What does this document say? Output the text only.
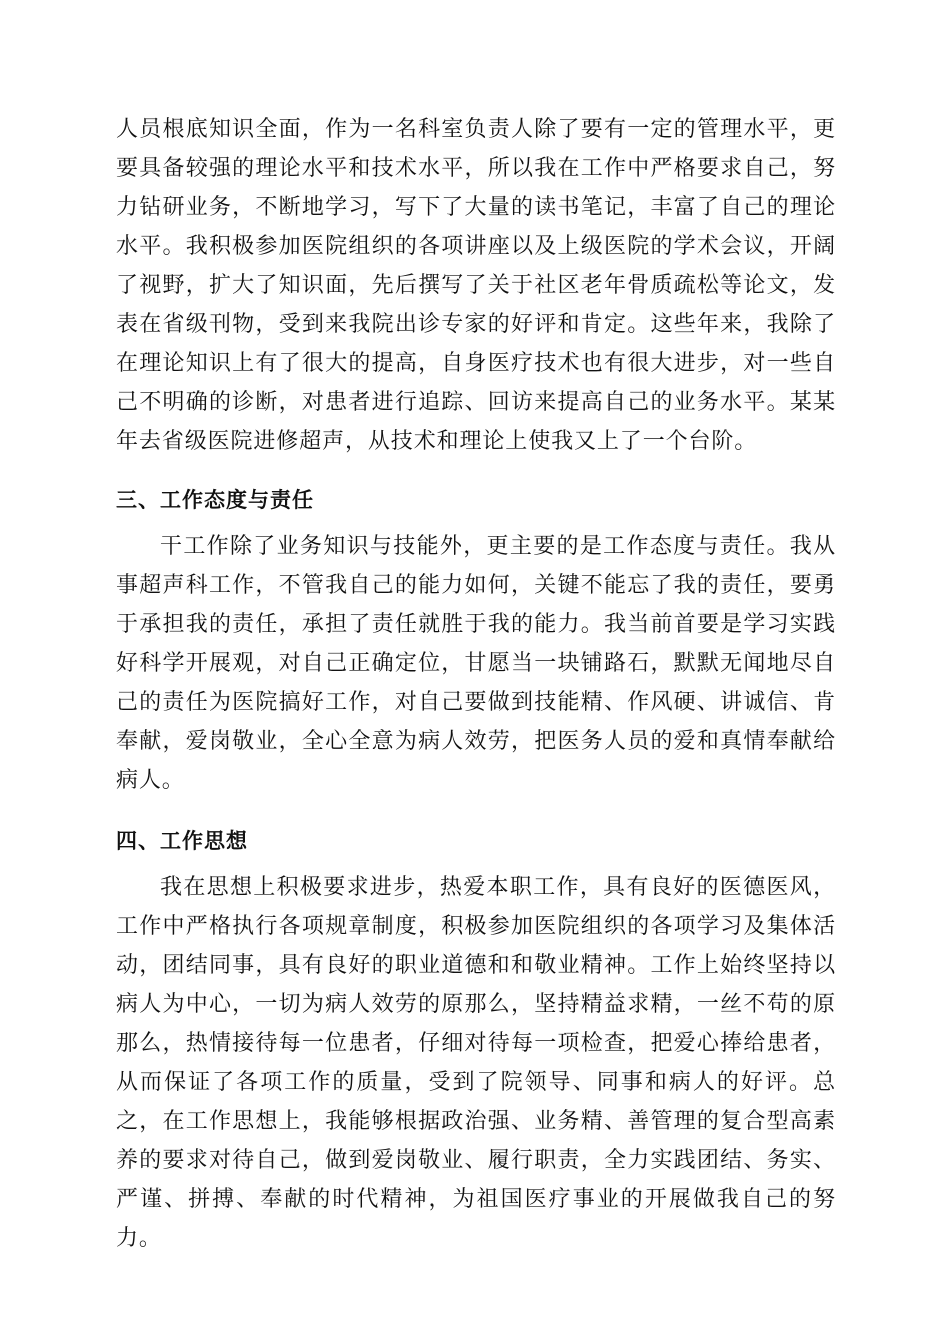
人员根底知识全面，作为一名科室负责人除了要有一定的管理水平，更要具备较强的理论水平和技术水平，所以我在工作中严格要求自己，努力钻研业务，不断地学习，写下了大量的读书笔记，丰富了自己的理论水平。我积极参加医院组织的各项讲座以及上级医院的学术会议，开阔了视野，扩大了知识面，先后撰写了关于社区老年骨质疏松等论文，发表在省级刊物，受到来我院出诊专家的好评和肯定。这些年来，我除了在理论知识上有了很大的提高，自身医疗技术也有很大进步，对一些自己不明确的诊断，对患者进行追踪、回访来提高自己的业务水平。某某年去省级医院进修超声，从技术和理论上使我又上了一个台阶。

三、工作态度与责任

干工作除了业务知识与技能外，更主要的是工作态度与责任。我从事超声科工作，不管我自己的能力如何，关键不能忘了我的责任，要勇于承担我的责任，承担了责任就胜于我的能力。我当前首要是学习实践好科学开展观，对自己正确定位，甘愿当一块铺路石，默默无闻地尽自己的责任为医院搞好工作，对自己要做到技能精、作风硬、讲诚信、肯奉献，爱岗敬业，全心全意为病人效劳，把医务人员的爱和真情奉献给病人。

四、工作思想

我在思想上积极要求进步，热爱本职工作，具有良好的医德医风，工作中严格执行各项规章制度，积极参加医院组织的各项学习及集体活动，团结同事，具有良好的职业道德和和敬业精神。工作上始终坚持以病人为中心，一切为病人效劳的原那么，坚持精益求精，一丝不苟的原那么，热情接待每一位患者，仔细对待每一项检查，把爱心捧给患者，从而保证了各项工作的质量，受到了院领导、同事和病人的好评。总之，在工作思想上，我能够根据政治强、业务精、善管理的复合型高素养的要求对待自己，做到爱岗敬业、履行职责，全力实践团结、务实、严谨、拼搏、奉献的时代精神，为祖国医疗事业的开展做我自己的努力。
